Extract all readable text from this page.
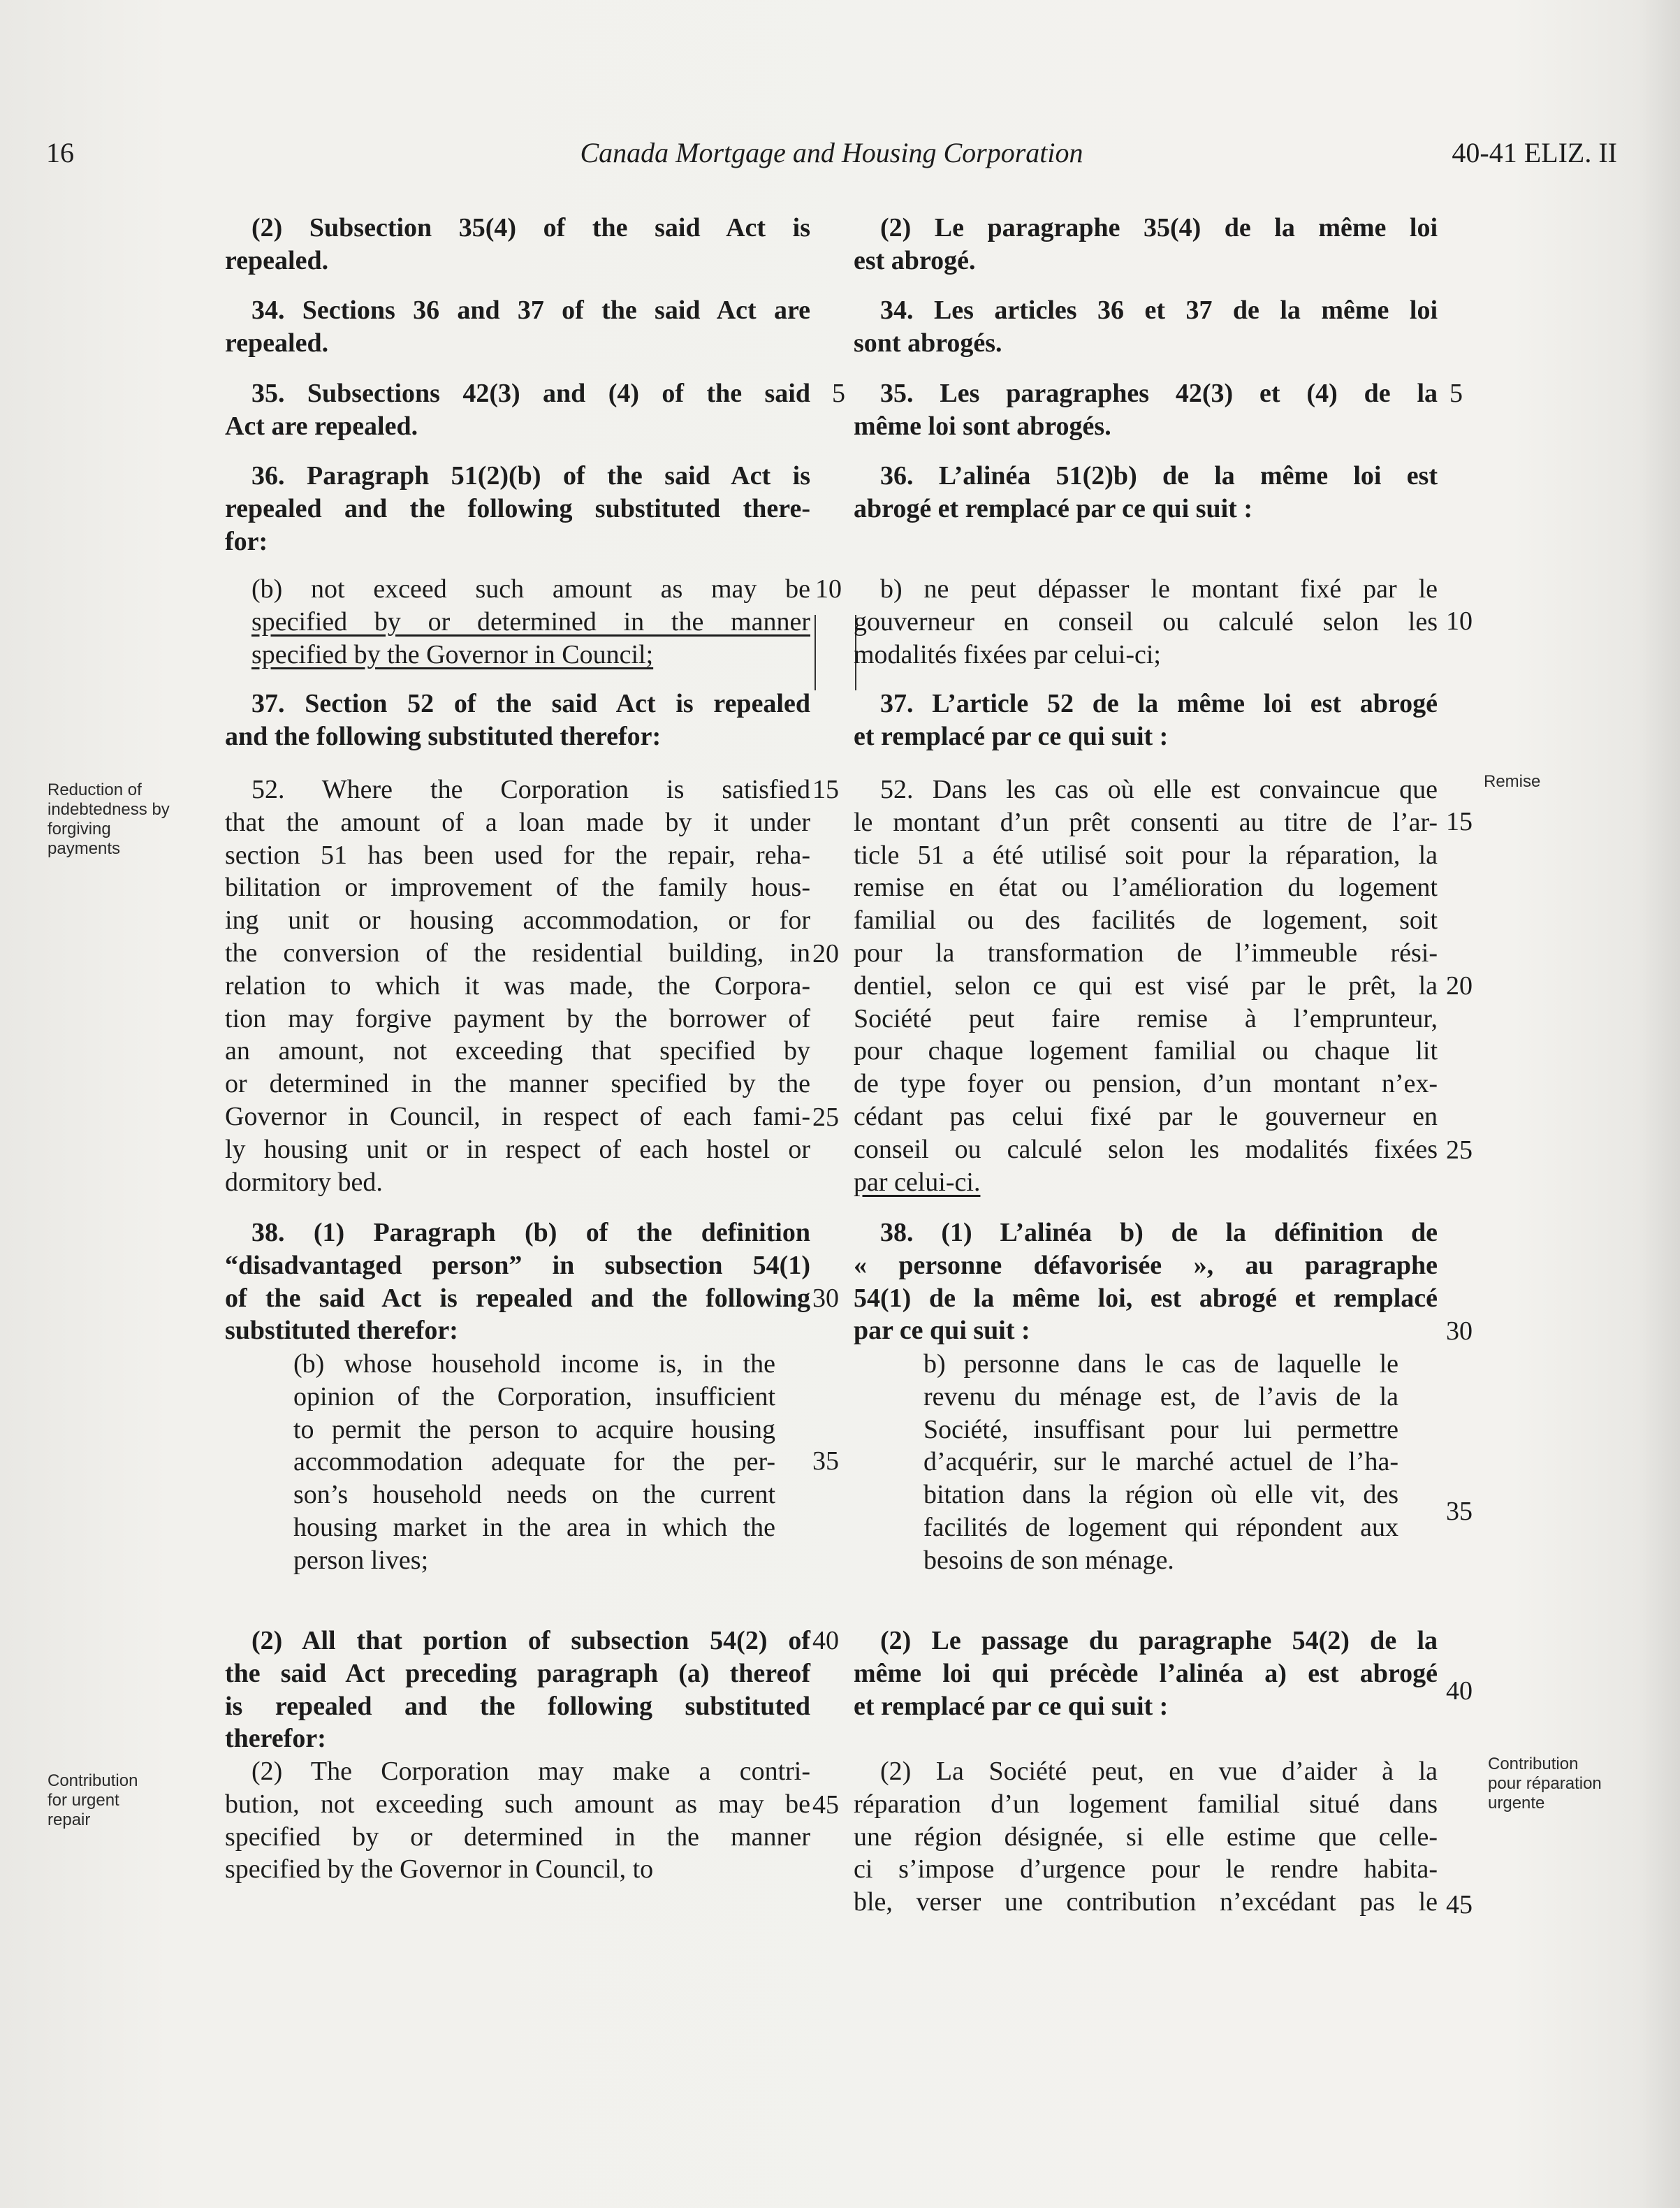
16	Canada Mortgage and Housing Corporation	40-41 ELIZ. II
Reduction of
indebtedness by
forgiving
payments
Remise
Contribution
for urgent
repair
Contribution
pour réparation
urgente
5
10
15
20
25
30
35
40
45
5
10
15
20
25
30
35
40
45

(2) Subsection 35(4) of the said Act is

repealed.

34. Sections 36 and 37 of the said Act are

repealed.

35. Subsections 42(3) and (4) of the said

Act are repealed.

36. Paragraph 51(2)(b) of the said Act is

repealed and the following substituted there-

for:

(b) not exceed such amount as may be

specified by or determined in the manner

specified by the Governor in Council;

37. Section 52 of the said Act is repealed

and the following substituted therefor:

52. Where the Corporation is satisfied

that the amount of a loan made by it under

section 51 has been used for the repair, reha-

bilitation or improvement of the family hous-

ing unit or housing accommodation, or for

the conversion of the residential building, in

relation to which it was made, the Corpora-

tion may forgive payment by the borrower of

an amount, not exceeding that specified by

or determined in the manner specified by the

Governor in Council, in respect of each fami-

ly housing unit or in respect of each hostel or

dormitory bed.

38. (1) Paragraph (b) of the definition

“disadvantaged person” in subsection 54(1)

of the said Act is repealed and the following

substituted therefor:

(b) whose household income is, in the

opinion of the Corporation, insufficient

to permit the person to acquire housing

accommodation adequate for the per-

son’s household needs on the current

housing market in the area in which the

person lives;

(2) All that portion of subsection 54(2) of

the said Act preceding paragraph (a) thereof

is repealed and the following substituted

therefor:

(2) The Corporation may make a contri-

bution, not exceeding such amount as may be

specified by or determined in the manner

specified by the Governor in Council, to

(2) Le paragraphe 35(4) de la même loi

est abrogé.

34. Les articles 36 et 37 de la même loi

sont abrogés.

35. Les paragraphes 42(3) et (4) de la

même loi sont abrogés.

36. L’alinéa 51(2)b) de la même loi est

abrogé et remplacé par ce qui suit :

b) ne peut dépasser le montant fixé par le

gouverneur en conseil ou calculé selon les

modalités fixées par celui-ci;

37. L’article 52 de la même loi est abrogé

et remplacé par ce qui suit :

52. Dans les cas où elle est convaincue que

le montant d’un prêt consenti au titre de l’ar-

ticle 51 a été utilisé soit pour la réparation, la

remise en état ou l’amélioration du logement

familial ou des facilités de logement, soit

pour la transformation de l’immeuble rési-

dentiel, selon ce qui est visé par le prêt, la

Société peut faire remise à l’emprunteur,

pour chaque logement familial ou chaque lit

de type foyer ou pension, d’un montant n’ex-

cédant pas celui fixé par le gouverneur en

conseil ou calculé selon les modalités fixées

par celui-ci.

38. (1) L’alinéa b) de la définition de

« personne défavorisée », au paragraphe

54(1) de la même loi, est abrogé et remplacé

par ce qui suit :

b) personne dans le cas de laquelle le

revenu du ménage est, de l’avis de la

Société, insuffisant pour lui permettre

d’acquérir, sur le marché actuel de l’ha-

bitation dans la région où elle vit, des

facilités de logement qui répondent aux

besoins de son ménage.

(2) Le passage du paragraphe 54(2) de la

même loi qui précède l’alinéa a) est abrogé

et remplacé par ce qui suit :

(2) La Société peut, en vue d’aider à la

réparation d’un logement familial situé dans

une région désignée, si elle estime que celle-

ci s’impose d’urgence pour le rendre habita-

ble, verser une contribution n’excédant pas le
